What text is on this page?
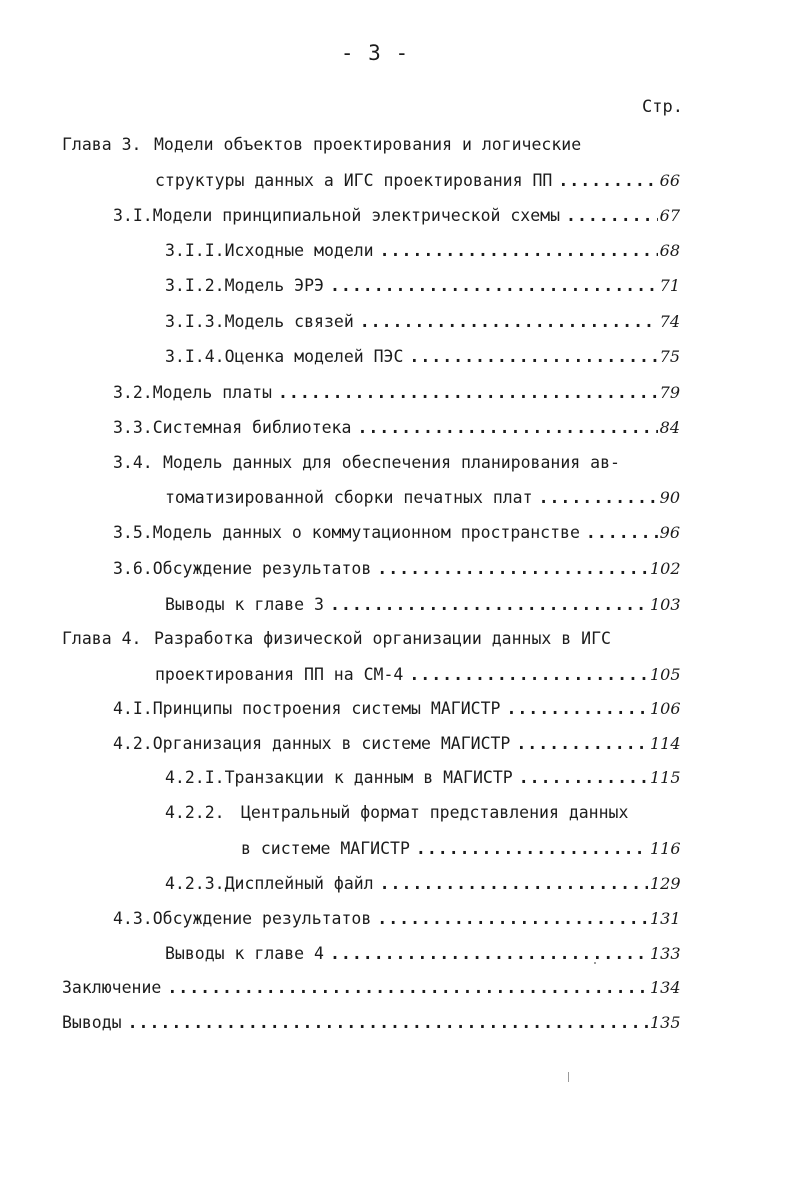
- 3 -
Стр.
Глава 3. Модели объектов проектирования и логические
структуры данных а ИГС проектирования ПП .....	66
3.I. Модели принципиальной электрической схемы .....	67
3.I.I. Исходные модели .....	68
3.I.2. Модель ЭРЭ .....	71
3.I.3. Модель связей .....	74
3.I.4. Оценка моделей ПЭС .....	75
3.2. Модель платы .....	79
3.3. Системная библиотека .....	84
3.4. Модель данных для обеспечения планирования ав-
томатизированной сборки печатных плат .....	90
3.5. Модель данных о коммутационном пространстве .....	96
3.6. Обсуждение результатов .....	102
Выводы к главе 3 .....	103
Глава 4. Разработка физической организации данных в ИГС
проектирования ПП на СМ-4 .....	105
4.I. Принципы построения системы МАГИСТР .....	106
4.2. Организация данных в системе МАГИСТР .....	114
4.2.I. Транзакции к данным в МАГИСТР .....	115
4.2.2. Центральный формат представления данных
в системе МАГИСТР .....	116
4.2.3. Дисплейный файл .....	129
4.3. Обсуждение результатов .....	131
Выводы к главе 4 .....	133
Заключение .....	134
Выводы .....	135
